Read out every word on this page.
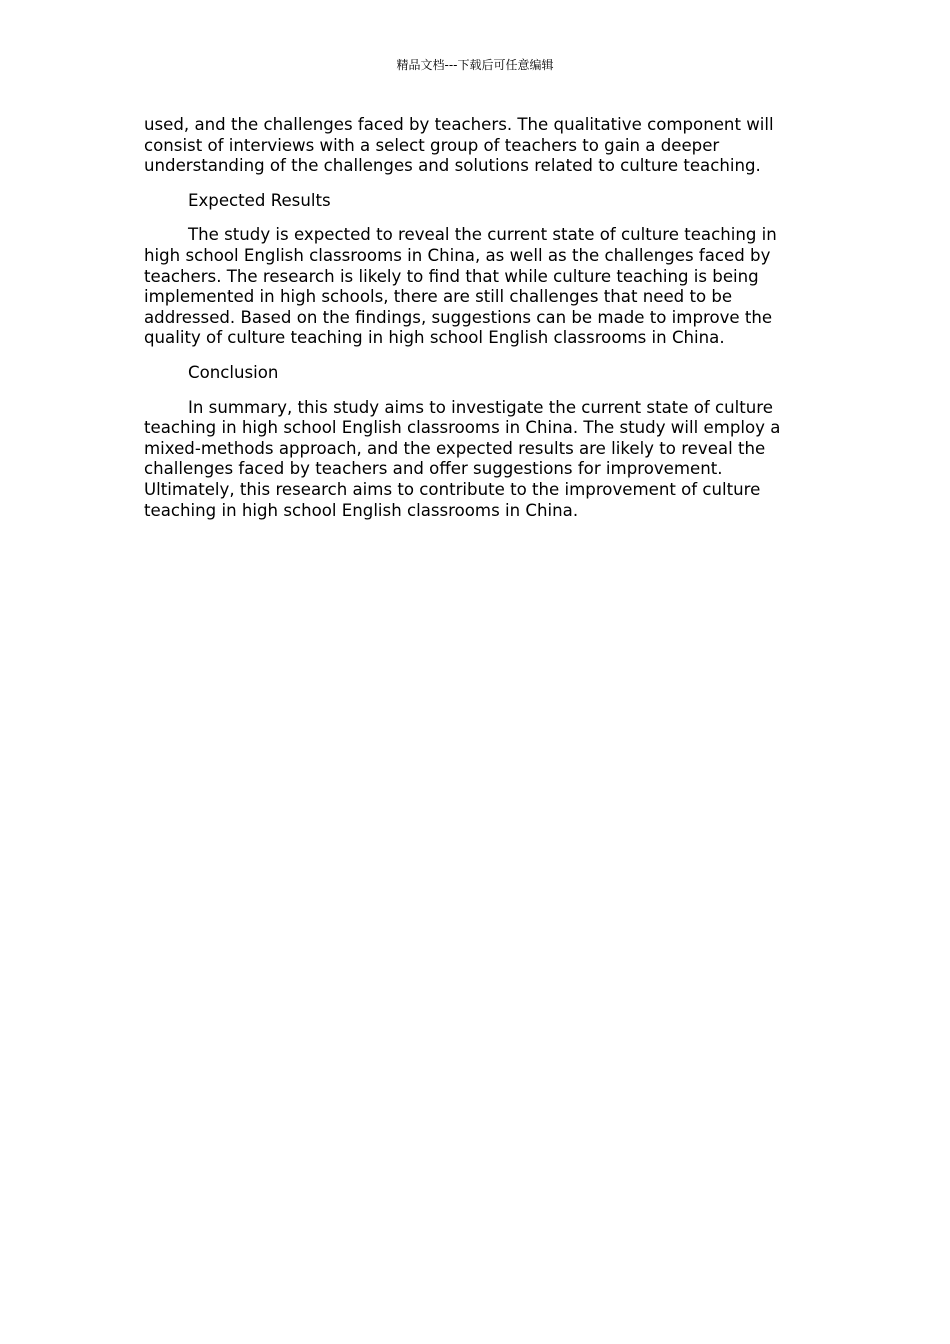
精品文档---下载后可任意编辑

used, and the challenges faced by teachers. The qualitative component will consist of interviews with a select group of teachers to gain a deeper understanding of the challenges and solutions related to culture teaching.

Expected Results

The study is expected to reveal the current state of culture teaching in high school English classrooms in China, as well as the challenges faced by teachers. The research is likely to find that while culture teaching is being implemented in high schools, there are still challenges that need to be addressed. Based on the findings, suggestions can be made to improve the quality of culture teaching in high school English classrooms in China.

Conclusion

In summary, this study aims to investigate the current state of culture teaching in high school English classrooms in China. The study will employ a mixed-methods approach, and the expected results are likely to reveal the challenges faced by teachers and offer suggestions for improvement. Ultimately, this research aims to contribute to the improvement of culture teaching in high school English classrooms in China.
